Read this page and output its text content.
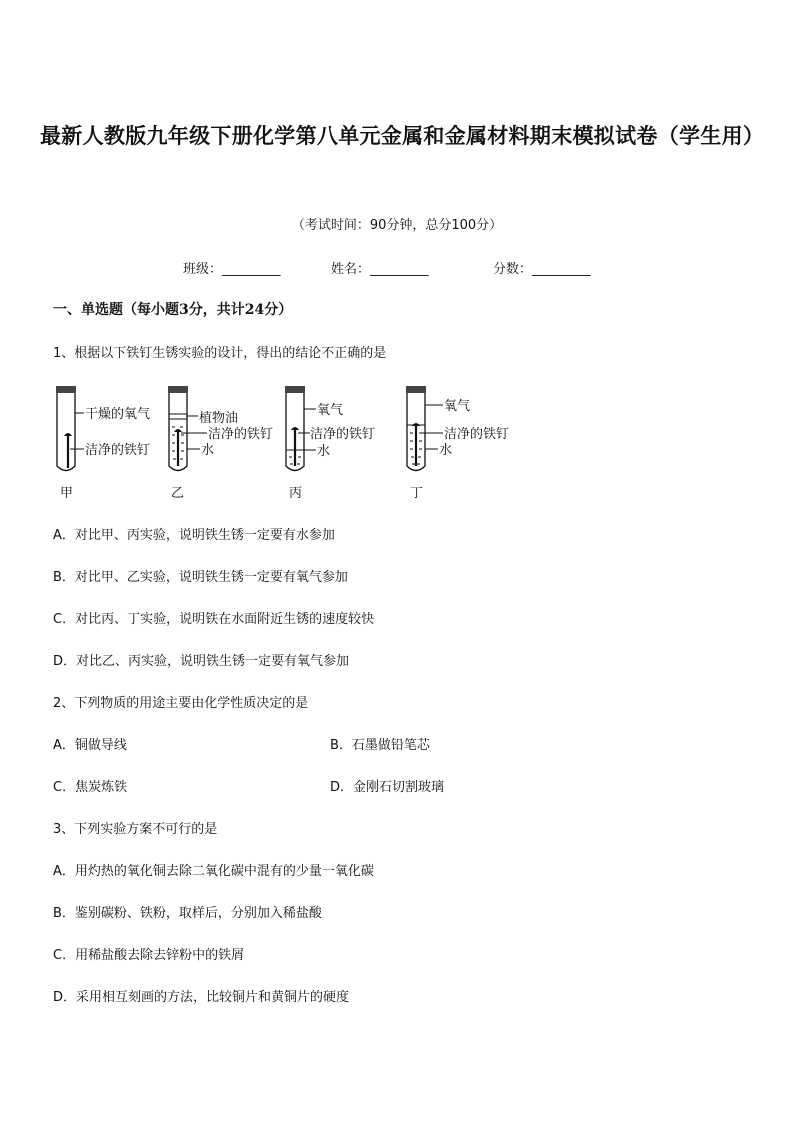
最新人教版九年级下册化学第八单元金属和金属材料期末模拟试卷（学生用）
（考试时间：90分钟，总分100分）
班级：_________	姓名：_________	分数：_________
一、单选题（每小题3分，共计24分）
1、根据以下铁钉生锈实验的设计，得出的结论不正确的是
干燥的氧气
洁净的铁钉
甲
植物油
洁净的铁钉
水
乙
氧气
洁净的铁钉
水
丙
氧气
洁净的铁钉
水
丁
A．对比甲、丙实验，说明铁生锈一定要有水参加
B．对比甲、乙实验，说明铁生锈一定要有氧气参加
C．对比丙、丁实验，说明铁在水面附近生锈的速度较快
D．对比乙、丙实验，说明铁生锈一定要有氧气参加
2、下列物质的用途主要由化学性质决定的是
A．铜做导线	B．石墨做铅笔芯
C．焦炭炼铁	D．金刚石切割玻璃
3、下列实验方案不可行的是
A．用灼热的氧化铜去除二氧化碳中混有的少量一氧化碳
B．鉴别碳粉、铁粉，取样后，分别加入稀盐酸
C．用稀盐酸去除去锌粉中的铁屑
D．采用相互刻画的方法，比较铜片和黄铜片的硬度
